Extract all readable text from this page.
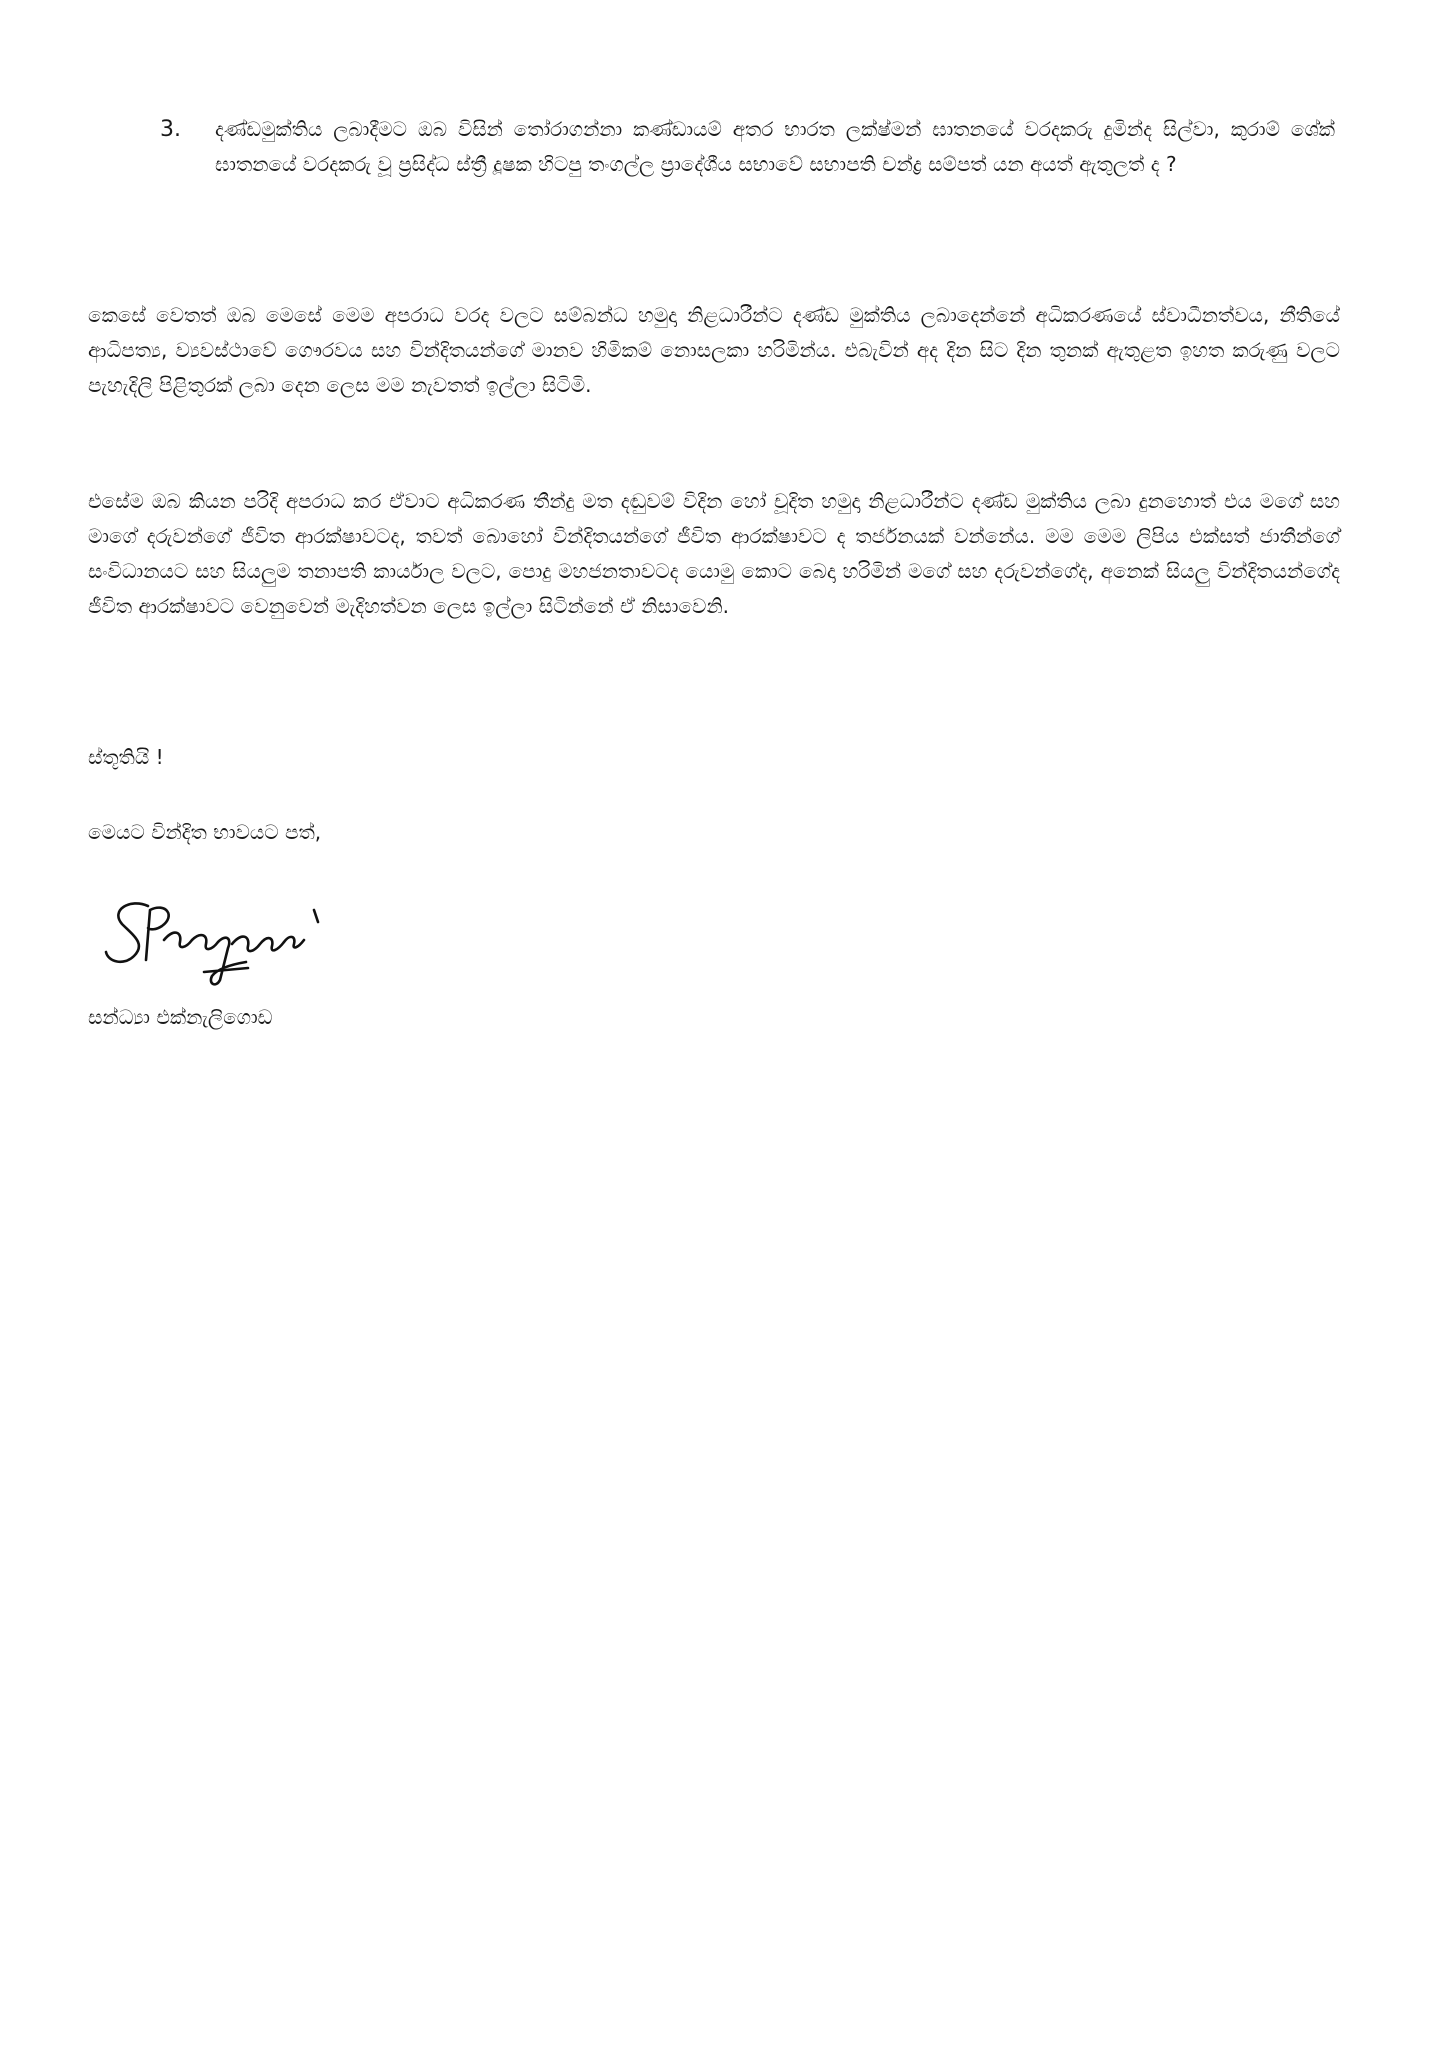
3. දණ්ඩමුක්තිය ලබාදීමට ඔබ විසින් තෝරාගන්නා කණ්ඩායම් අතර භාරත ලක්ෂ්මන් ඝාතනයේ වරදකරු දුමින්ද සිල්වා, කුරාම් ශේක් ඝාතනයේ වරදකරු වූ ප්‍රසිද්ධ ස්ත්‍රී දූෂක හිටපු තංගල්ල ප්‍රාදේශීය සභාවේ සභාපති චන්ද්‍ර සම්පත් යන අයත් ඇතුලත් ද ?

කෙසේ වෙතත් ඔබ මෙසේ මෙම අපරාධ වරද වලට සම්බන්ධ හමුදා නිළධාරීන්ට දණ්ඩ මුක්තිය ලබාදෙන්නේ අධිකරණයේ ස්වාධීනත්වය, නීතියේ ආධිපත්‍ය, ව්‍යවස්ථාවේ ගෞරවය සහ වින්දිතයන්ගේ මානව හිමිකම් නොසලකා හරිමින්ය. එබැවින් අද දින සිට දින තුනක් ඇතුළත ඉහත කරුණු වලට පැහැදිලි පිළිතුරක් ලබා දෙන ලෙස මම නැවතත් ඉල්ලා සිටිමි.

එසේම ඔබ කියන පරිදි අපරාධ කර ඒවාට අධිකරණ තීන්දු මත දඬුවම් විදින හෝ චූදිත හමුදා නිළධාරීන්ට දණ්ඩ මුක්තිය ලබා දුනහොත් එය මගේ සහ මාගේ දරුවන්ගේ ජීවිත ආරක්ෂාවටද, තවත් බොහෝ වින්දිතයන්ගේ ජීවිත ආරක්ෂාවට ද තර්ජනයක් වන්නේය. මම මෙම ලිපිය එක්සත් ජාතීන්ගේ සංවිධානයට සහ සියලුම තනාපති කාර්යාල වලට, පොදු මහජනතාවටද යොමු කොට බෙදා හරිමින් මගේ සහ දරුවන්ගේද, අනෙක් සියලු වින්දිතයන්ගේද ජීවිත ආරක්ෂාවට වෙනුවෙන් මැදිහත්වන ලෙස ඉල්ලා සිටින්නේ ඒ නිසාවෙනි.

ස්තූතියි !

මෙයට වින්දිත භාවයට පත්,

සන්ධ්‍යා එක්නැලිගොඩ
